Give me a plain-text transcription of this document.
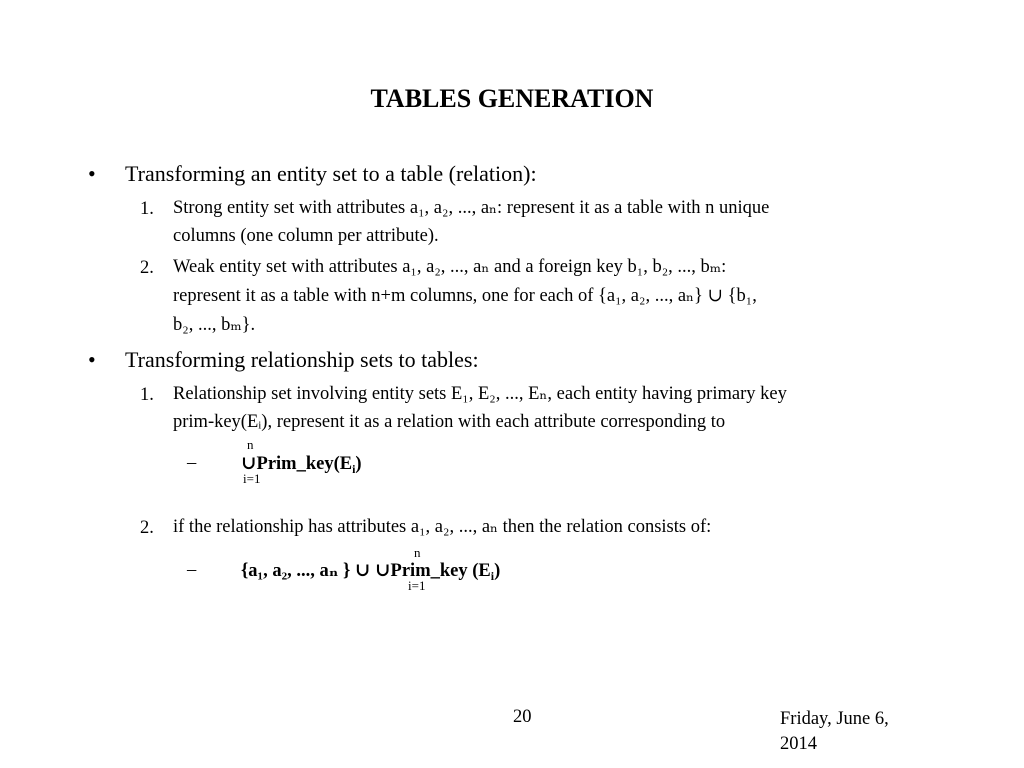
TABLES GENERATION
• Transforming an entity set to a table (relation):
1. Strong entity set with attributes a₁, a₂, ..., aₙ: represent it as a table with n unique
columns (one column per attribute).
2. Weak entity set with attributes a₁, a₂, ..., aₙ and a foreign key b₁, b₂, ..., bₘ:
represent it as a table with n+m columns, one for each of {a₁, a₂, ..., aₙ} ∪ {b₁,
b₂, ..., bₘ}.
• Transforming relationship sets to tables:
1. Relationship set involving entity sets E₁, E₂, ..., Eₙ, each entity having primary key
prim-key(Eᵢ), represent it as a relation with each attribute corresponding to
–
n
$\cup Prim\_key(E_i)$
i=1
2. if the relationship has attributes a₁, a₂, ..., aₙ then the relation consists of:
–
n
{a₁, a₂, ..., aₙ } ∪ ∪Prim_key $(E_i)$
i=1
20	Friday, June 6, 2014
